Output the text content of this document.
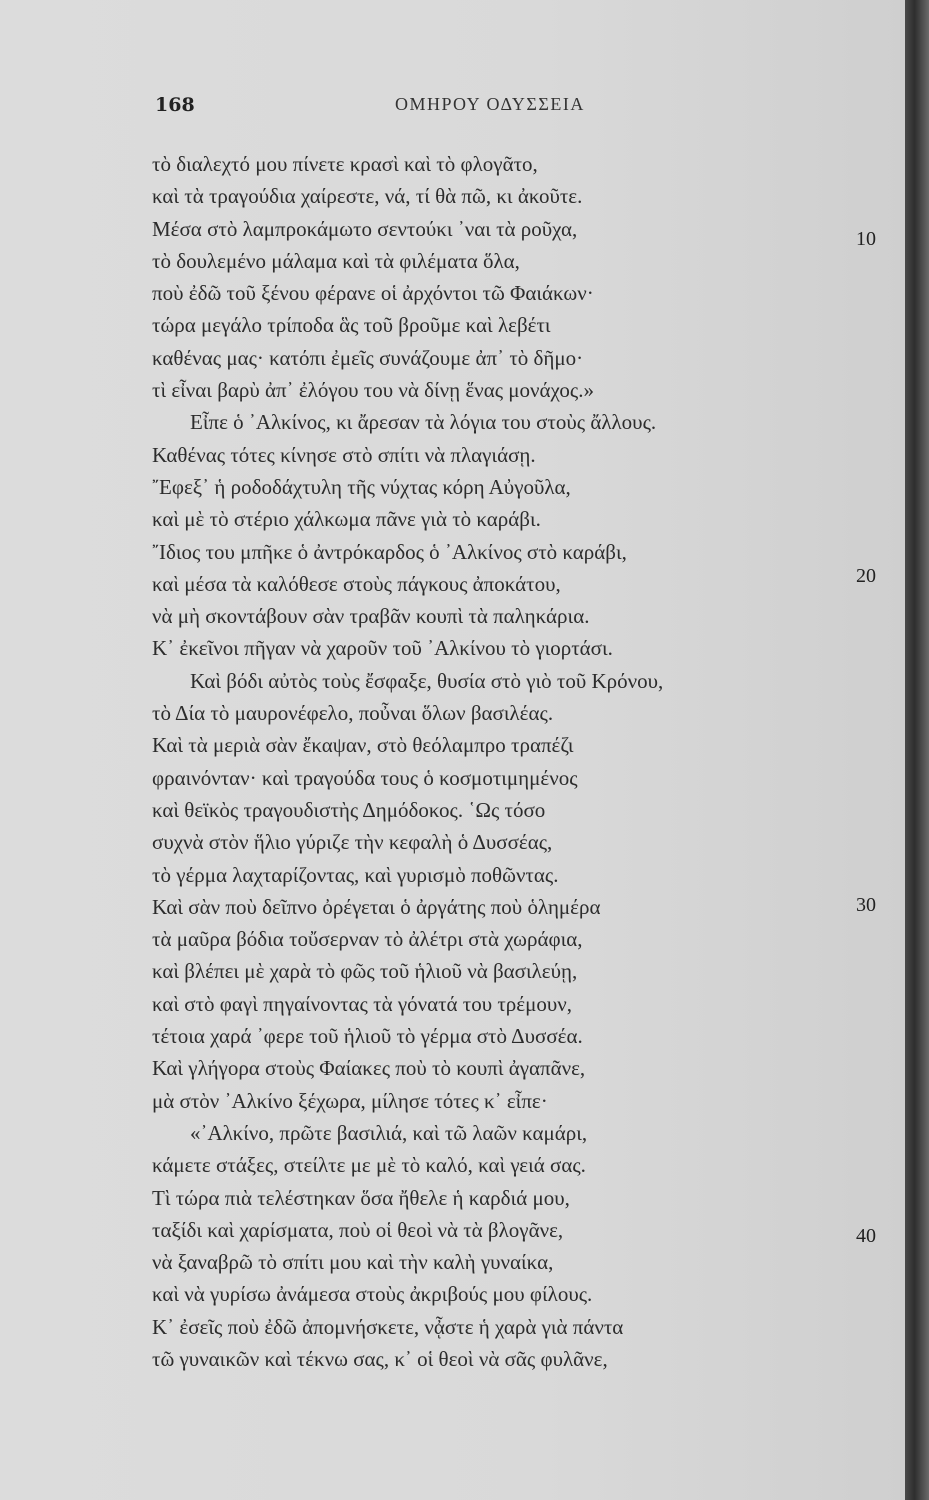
168	ΟΜΗΡΟΥ ΟΔΥΣΣΕΙΑ
τὸ διαλεχτό μου πίνετε κρασὶ καὶ τὸ φλογᾶτο,
καὶ τὰ τραγούδια χαίρεστε, νά, τί θὰ πῶ, κι ἀκοῦτε.
Μέσα στὸ λαμπροκάμωτο σεντούκι ᾽ναι τὰ ροῦχα,
τὸ δουλεμένο μάλαμα καὶ τὰ φιλέματα ὅλα,
ποὺ ἐδῶ τοῦ ξένου φέρανε οἱ ἀρχόντοι τῶ Φαιάκων·
τώρα μεγάλο τρίποδα ἃς τοῦ βροῦμε καὶ λεβέτι
καθένας μας· κατόπι ἐμεῖς συνάζουμε ἀπ᾽ τὸ δῆμο·
τὶ εἶναι βαρὺ ἀπ᾽ ἐλόγου του νὰ δίνῃ ἕνας μονάχος.»
Εἶπε ὁ ᾽Αλκίνος, κι ἄρεσαν τὰ λόγια του στοὺς ἄλλους.
Καθένας τότες κίνησε στὸ σπίτι νὰ πλαγιάσῃ.
῎Εφεξ᾽ ἡ ροδοδάχτυλη τῆς νύχτας κόρη Αὐγοῦλα,
καὶ μὲ τὸ στέριο χάλκωμα πᾶνε γιὰ τὸ καράβι.
῎Ιδιος του μπῆκε ὁ ἀντρόκαρδος ὁ ᾽Αλκίνος στὸ καράβι,
καὶ μέσα τὰ καλόθεσε στοὺς πάγκους ἀποκάτου,
νὰ μὴ σκοντάβουν σὰν τραβᾶν κουπὶ τὰ παληκάρια.
Κ᾽ ἐκεῖνοι πῆγαν νὰ χαροῦν τοῦ ᾽Αλκίνου τὸ γιορτάσι.
Καὶ βόδι αὐτὸς τοὺς ἔσφαξε, θυσία στὸ γιὸ τοῦ Κρόνου,
τὸ Δία τὸ μαυρονέφελο, ποὖναι ὅλων βασιλέας.
Καὶ τὰ μεριὰ σὰν ἔκαψαν, στὸ θεόλαμπρο τραπέζι
φραινόνταν· καὶ τραγούδα τους ὁ κοσμοτιμημένος
καὶ θεϊκὸς τραγουδιστὴς Δημόδοκος. ῾Ως τόσο
συχνὰ στὸν ἥλιο γύριζε τὴν κεφαλὴ ὁ Δυσσέας,
τὸ γέρμα λαχταρίζοντας, καὶ γυρισμὸ ποθῶντας.
Καὶ σὰν ποὺ δεῖπνο ὀρέγεται ὁ ἀργάτης ποὺ ὁλημέρα
τὰ μαῦρα βόδια τοὔσερναν τὸ ἀλέτρι στὰ χωράφια,
καὶ βλέπει μὲ χαρὰ τὸ φῶς τοῦ ἡλιοῦ νὰ βασιλεύῃ,
καὶ στὸ φαγὶ πηγαίνοντας τὰ γόνατά του τρέμουν,
τέτοια χαρά ᾽φερε τοῦ ἡλιοῦ τὸ γέρμα στὸ Δυσσέα.
Καὶ γλήγορα στοὺς Φαίακες ποὺ τὸ κουπὶ ἀγαπᾶνε,
μὰ στὸν ᾽Αλκίνο ξέχωρα, μίλησε τότες κ᾽ εἶπε·
«᾽Αλκίνο, πρῶτε βασιλιά, καὶ τῶ λαῶν καμάρι,
κάμετε στάξες, στείλτε με μὲ τὸ καλό, καὶ γειά σας.
Τὶ τώρα πιὰ τελέστηκαν ὅσα ἤθελε ἡ καρδιά μου,
ταξίδι καὶ χαρίσματα, ποὺ οἱ θεοὶ νὰ τὰ βλογᾶνε,
νὰ ξαναβρῶ τὸ σπίτι μου καὶ τὴν καλὴ γυναίκα,
καὶ νὰ γυρίσω ἀνάμεσα στοὺς ἀκριβούς μου φίλους.
Κ᾽ ἐσεῖς ποὺ ἐδῶ ἀπομνήσκετε, νᾆστε ἡ χαρὰ γιὰ πάντα
τῶ γυναικῶν καὶ τέκνω σας, κ᾽ οἱ θεοὶ νὰ σᾶς φυλᾶνε,
10
20
30
40
